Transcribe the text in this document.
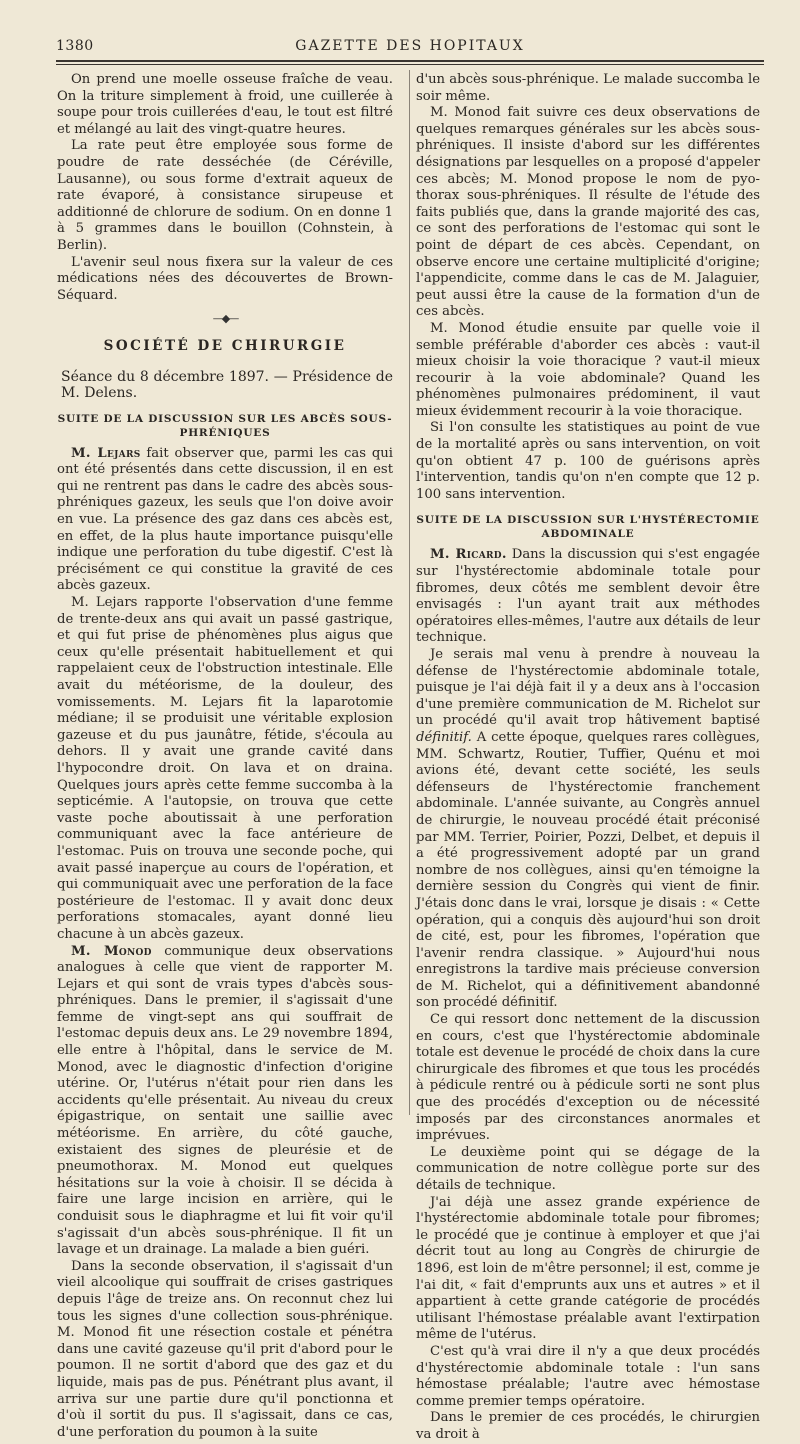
1380	GAZETTE DES HOPITAUX

On prend une moelle osseuse fraîche de veau. On la triture simplement à froid, une cuillerée à soupe pour trois cuillerées d'eau, le tout est filtré et mélangé au lait des vingt-quatre heures.

La rate peut être employée sous forme de poudre de rate desséchée (de Céréville, Lausanne), ou sous forme d'extrait aqueux de rate évaporé, à consistance sirupeuse et additionné de chlorure de sodium. On en donne 1 à 5 grammes dans le bouillon (Cohnstein, à Berlin).

L'avenir seul nous fixera sur la valeur de ces médications nées des découvertes de Brown-Séquard.

—◆—
SOCIÉTÉ DE CHIRURGIE

Séance du 8 décembre 1897. — Présidence de M. Delens.

SUITE DE LA DISCUSSION SUR LES ABCÈS SOUS-PHRÉNIQUES

M. Lejars fait observer que, parmi les cas qui ont été présentés dans cette discussion, il en est qui ne rentrent pas dans le cadre des abcès sous-phréniques gazeux, les seuls que l'on doive avoir en vue. La présence des gaz dans ces abcès est, en effet, de la plus haute importance puisqu'elle indique une perforation du tube digestif. C'est là précisément ce qui constitue la gravité de ces abcès gazeux.

M. Lejars rapporte l'observation d'une femme de trente-deux ans qui avait un passé gastrique, et qui fut prise de phénomènes plus aigus que ceux qu'elle présentait habituellement et qui rappelaient ceux de l'obstruction intestinale. Elle avait du météorisme, de la douleur, des vomissements. M. Lejars fit la laparotomie médiane; il se produisit une véritable explosion gazeuse et du pus jaunâtre, fétide, s'écoula au dehors. Il y avait une grande cavité dans l'hypocondre droit. On lava et on draina. Quelques jours après cette femme succomba à la septicémie. A l'autopsie, on trouva que cette vaste poche aboutissait à une perforation communiquant avec la face antérieure de l'estomac. Puis on trouva une seconde poche, qui avait passé inaperçue au cours de l'opération, et qui communiquait avec une perforation de la face postérieure de l'estomac. Il y avait donc deux perforations stomacales, ayant donné lieu chacune à un abcès gazeux.

M. Monod communique deux observations analogues à celle que vient de rapporter M. Lejars et qui sont de vrais types d'abcès sous-phréniques. Dans le premier, il s'agissait d'une femme de vingt-sept ans qui souffrait de l'estomac depuis deux ans. Le 29 novembre 1894, elle entre à l'hôpital, dans le service de M. Monod, avec le diagnostic d'infection d'origine utérine. Or, l'utérus n'était pour rien dans les accidents qu'elle présentait. Au niveau du creux épigastrique, on sentait une saillie avec météorisme. En arrière, du côté gauche, existaient des signes de pleurésie et de pneumothorax. M. Monod eut quelques hésitations sur la voie à choisir. Il se décida à faire une large incision en arrière, qui le conduisit sous le diaphragme et lui fit voir qu'il s'agissait d'un abcès sous-phrénique. Il fit un lavage et un drainage. La malade a bien guéri.

Dans la seconde observation, il s'agissait d'un vieil alcoolique qui souffrait de crises gastriques depuis l'âge de treize ans. On reconnut chez lui tous les signes d'une collection sous-phrénique. M. Monod fit une résection costale et pénétra dans une cavité gazeuse qu'il prit d'abord pour le poumon. Il ne sortit d'abord que des gaz et du liquide, mais pas de pus. Pénétrant plus avant, il arriva sur une partie dure qu'il ponctionna et d'où il sortit du pus. Il s'agissait, dans ce cas, d'une perforation du poumon à la suite

d'un abcès sous-phrénique. Le malade succomba le soir même.

M. Monod fait suivre ces deux observations de quelques remarques générales sur les abcès sous-phréniques. Il insiste d'abord sur les différentes désignations par lesquelles on a proposé d'appeler ces abcès; M. Monod propose le nom de pyo-thorax sous-phréniques. Il résulte de l'étude des faits publiés que, dans la grande majorité des cas, ce sont des perforations de l'estomac qui sont le point de départ de ces abcès. Cependant, on observe encore une certaine multiplicité d'origine; l'appendicite, comme dans le cas de M. Jalaguier, peut aussi être la cause de la formation d'un de ces abcès.

M. Monod étudie ensuite par quelle voie il semble préférable d'aborder ces abcès : vaut-il mieux choisir la voie thoracique ? vaut-il mieux recourir à la voie abdominale? Quand les phénomènes pulmonaires prédominent, il vaut mieux évidemment recourir à la voie thoracique.

Si l'on consulte les statistiques au point de vue de la mortalité après ou sans intervention, on voit qu'on obtient 47 p. 100 de guérisons après l'intervention, tandis qu'on n'en compte que 12 p. 100 sans intervention.

SUITE DE LA DISCUSSION SUR L'HYSTÉRECTOMIE ABDOMINALE

M. Ricard. Dans la discussion qui s'est engagée sur l'hystérectomie abdominale totale pour fibromes, deux côtés me semblent devoir être envisagés : l'un ayant trait aux méthodes opératoires elles-mêmes, l'autre aux détails de leur technique.

Je serais mal venu à prendre à nouveau la défense de l'hystérectomie abdominale totale, puisque je l'ai déjà fait il y a deux ans à l'occasion d'une première communication de M. Richelot sur un procédé qu'il avait trop hâtivement baptisé définitif. A cette époque, quelques rares collègues, MM. Schwartz, Routier, Tuffier, Quénu et moi avions été, devant cette société, les seuls défenseurs de l'hystérectomie franchement abdominale. L'année suivante, au Congrès annuel de chirurgie, le nouveau procédé était préconisé par MM. Terrier, Poirier, Pozzi, Delbet, et depuis il a été progressivement adopté par un grand nombre de nos collègues, ainsi qu'en témoigne la dernière session du Congrès qui vient de finir. J'étais donc dans le vrai, lorsque je disais : « Cette opération, qui a conquis dès aujourd'hui son droit de cité, est, pour les fibromes, l'opération que l'avenir rendra classique. » Aujourd'hui nous enregistrons la tardive mais précieuse conversion de M. Richelot, qui a définitivement abandonné son procédé définitif.

Ce qui ressort donc nettement de la discussion en cours, c'est que l'hystérectomie abdominale totale est devenue le procédé de choix dans la cure chirurgicale des fibromes et que tous les procédés à pédicule rentré ou à pédicule sorti ne sont plus que des procédés d'exception ou de nécessité imposés par des circonstances anormales et imprévues.

Le deuxième point qui se dégage de la communication de notre collègue porte sur des détails de technique.

J'ai déjà une assez grande expérience de l'hystérectomie abdominale totale pour fibromes; le procédé que je continue à employer et que j'ai décrit tout au long au Congrès de chirurgie de 1896, est loin de m'être personnel; il est, comme je l'ai dit, « fait d'emprunts aux uns et autres » et il appartient à cette grande catégorie de procédés utilisant l'hémostase préalable avant l'extirpation même de l'utérus.

C'est qu'à vrai dire il n'y a que deux procédés d'hystérectomie abdominale totale : l'un sans hémostase préalable; l'autre avec hémostase comme premier temps opératoire.

Dans le premier de ces procédés, le chirurgien va droit à
